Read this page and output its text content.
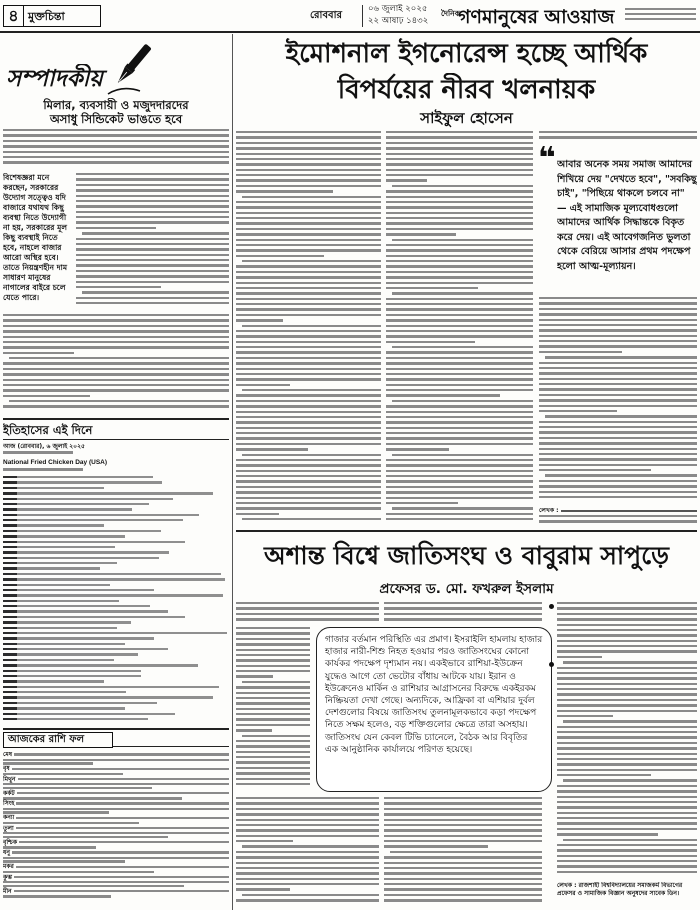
৪ মুক্তচিন্তা	রোববার
০৬ জুলাই ২০২৫
২২ আষাঢ় ১৪৩২
দৈনিক
গণমানুষের আওয়াজ
সম্পাদকীয়
মিলার, ব্যবসায়ী ও মজুদদারদের
অসাধু সিন্ডিকেট ভাঙতে হবে
বিশেষজ্ঞরা মনে করছেন, সরকারের উদ্যোগ সত্ত্বেও যদি বাজারে যথাযথ কিছু ব্যবস্থা নিতে উদ্যোগী না হয়, সরকারের মূল কিছু ব্যবস্থাই নিতে হবে, নাহলে বাজার আরো অস্থির হবে। তাতে নিয়ন্ত্রণহীন দাম সাধারণ মানুষের নাগালের বাইরে চলে যেতে পারে।
ইতিহাসের এই দিনে
আজ (রোববার), ৬ জুলাই ২০২৫
National Fried Chicken Day (USA)
আজকের রাশি ফল
মেষ
বৃষ
মিথুন
কর্কট
সিংহ
কন্যা
তুলা
বৃশ্চিক
ধনু
মকর
কুম্ভ
মীন
ইমোশনাল ইগনোরেন্স হচ্ছে আর্থিক
বিপর্যয়ের নীরব খলনায়ক
সাইফুল হোসেন
❝ আবার অনেক সময় সমাজ আমাদের শিখিয়ে দেয় "দেখতে হবে", "সবকিছু চাই", "পিছিয়ে থাকলে চলবে না" — এই সামাজিক মূল্যবোধগুলো আমাদের আর্থিক সিদ্ধান্তকে বিকৃত করে দেয়। এই আবেগজনিত ভুলতা থেকে বেরিয়ে আসার প্রথম পদক্ষেপ হলো আত্ম-মূল্যায়ন।
লেখক :
অশান্ত বিশ্বে জাতিসংঘ ও বাবুরাম সাপুড়ে
প্রফেসর ড. মো. ফখরুল ইসলাম
গাজার বর্তমান পরিস্থিতি এর প্রমাণ। ইসরাইলি হামলায় হাজার হাজার নারী-শিশু নিহত হওয়ার পরও জাতিসংঘের কোনো কার্যকর পদক্ষেপ দৃশ্যমান নয়। একইভাবে রাশিয়া-ইউক্রেন যুদ্ধেও আগে তো ভেটোর বাঁধায় আটকে যায়। ইরান ও ইউক্রেনেও মার্কিন ও রাশিয়ার আগ্রাসনের বিরুদ্ধে একইরকম নিষ্ক্রিয়তা দেখা গেছে। অন্যদিকে, আফ্রিকা বা এশিয়ার দুর্বল দেশগুলোর বিষয়ে জাতিসংঘ তুলনামূলকভাবে কড়া পদক্ষেপ নিতে সক্ষম হলেও, বড় শক্তিগুলোর ক্ষেত্রে তারা অসহায়। জাতিসংঘ যেন কেবল টিভি চ্যানেলে, বৈঠক আর বিবৃতির এক আনুষ্ঠানিক কার্যালয়ে পরিণত হয়েছে।
লেখক : রাজশাহী বিশ্ববিদ্যালয়ের সমাজকর্ম বিভাগের প্রফেসর ও সামাজিক বিজ্ঞান অনুষদের সাবেক ডিন।
